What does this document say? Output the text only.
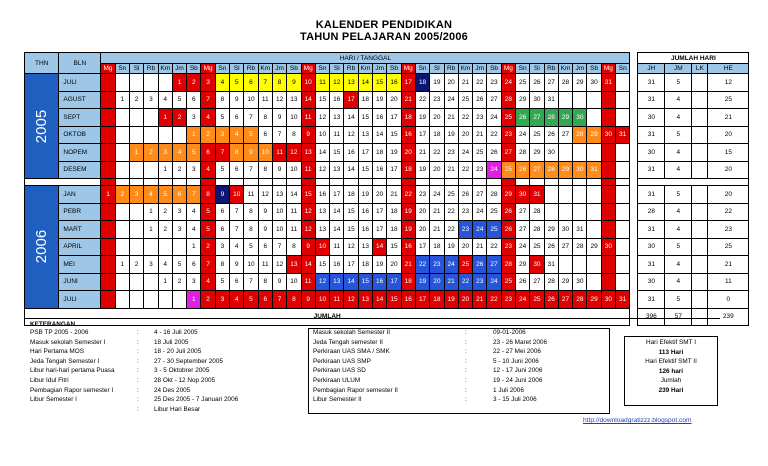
KALENDER PENDIDIKAN
TAHUN PELAJARAN 2005/2006
THN	BLN	HARI / TANGGAL																																						JUMLAH HARI			
		Mg	Sn	Sl	Rb	Km	Jm	Sb	Mg	Sn	Sl	Rb	Km	Jm	Sb	Mg	Sn	Sl	Rb	Km	Jm	Sb	Mg	Sn	Sl	Rb	Km	Jm	Sb	Mg	Sn	Sl	Rb	Km	Jm	Sb	Mg	Sn		JH	JM	LK	HE
2005	JULI						1	2	3	4	5	6	7	8	9	10	11	12	13	14	15	16	17	18	19	20	21	22	23	24	25	26	27	28	29	30	31			31	5		12
	AGUST		1	2	3	4	5	6	7	8	9	10	11	12	13	14	15	16	17	18	19	20	21	22	23	24	25	26	27	28	29	30	31							31	4		25
	SEPT					1	2	3	4	5	6	7	8	9	10	11	12	13	14	15	16	17	18	19	20	21	22	23	24	25	26	27	28	29	30					30	4		21
	OKTOB							1	2	3	4	5	6	7	8	9	10	11	12	13	14	15	16	17	18	19	20	21	22	23	24	25	26	27	28	29	30	31		31	5		20
	NOPEM			1	2	3	4	5	6	7	8	9	10	11	12	13	14	15	16	17	18	19	20	21	22	23	24	25	26	27	28	29	30							30	4		15
	DESEM					1	2	3	4	5	6	7	8	9	10	11	12	13	14	15	16	17	18	19	20	21	22	23	24	25	26	27	28	29	30	31				31	4		20

2006	JAN	1	2	3	4	5	6	7	8	9	10	11	12	13	14	15	16	17	18	19	20	21	22	23	24	25	26	27	28	29	30	31								31	5		20
	PEBR				1	2	3	4	5	6	7	8	9	10	11	12	13	14	15	16	17	18	19	20	21	22	23	24	25	26	27	28								28	4		22
	MART				1	2	3	4	5	6	7	8	9	10	11	12	13	14	15	16	17	18	19	20	21	22	23	24	25	26	27	28	29	30	31					31	4		23
	APRIL							1	2	3	4	5	6	7	8	9	10	11	12	13	14	15	16	17	18	19	20	21	22	23	24	25	26	27	28	29	30			30	5		25
	MEI		1	2	3	4	5	6	7	8	9	10	11	12	13	14	15	16	17	18	19	20	21	22	23	24	25	26	27	28	29	30	31							31	4		21
	JUNI					1	2	3	4	5	6	7	8	9	10	11	12	13	14	15	16	17	18	19	20	21	22	23	24	25	26	27	28	29	30					30	4		11
	JULI							1	2	3	4	5	6	7	8	9	10	11	12	13	14	15	16	17	18	19	20	21	22	23	24	25	26	27	28	29	30	31		31	5		0
JUMLAH																																								396	57		239
KETERANGAN
PSB TP 2005 - 2006	: 4 - 16 Juli 2005
Masuk sekolah Semester I	: 18 Juli 2005
Hari Pertama MOS	: 18 - 20 Juli 2005
Jeda Tengah Semester I	: 27 - 30 September 2005
Libur hari-hari pertama Puasa	: 3 - 5 Oktobrer 2005
Libur Idul Fitri	: 28 Okt - 12 Nop 2005
Pembagian Rapor semester I	: 24 Des 2005
Libur Semester I	: 25 Des 2005 - 7 Januari 2006
: Libur Hari Besar
Masuk sekolah Semester II	:	09-01-2006
Jeda Tengah semester II	:	23 - 26 Maret 2006
Perkiraan UAS SMA / SMK	:	22 - 27 Mei 2006
Perkiraan UAS SMP	:	5 - 10 Juni 2006
Perkiraan UAS SD	:	12 - 17 Juni 2006
Perkiraan ULUM	:	19 - 24 Juni 2006
Pembagian Rapor semester II	:	1 Juli 2006
Libur Semester II	:	3 - 15 Juli 2006
Hari Efektif SMT I
113 Hari
Hari Efektif SMT II
126 hari
Jumlah
239 Hari
http://downloadgratizzz.blogspot.com
